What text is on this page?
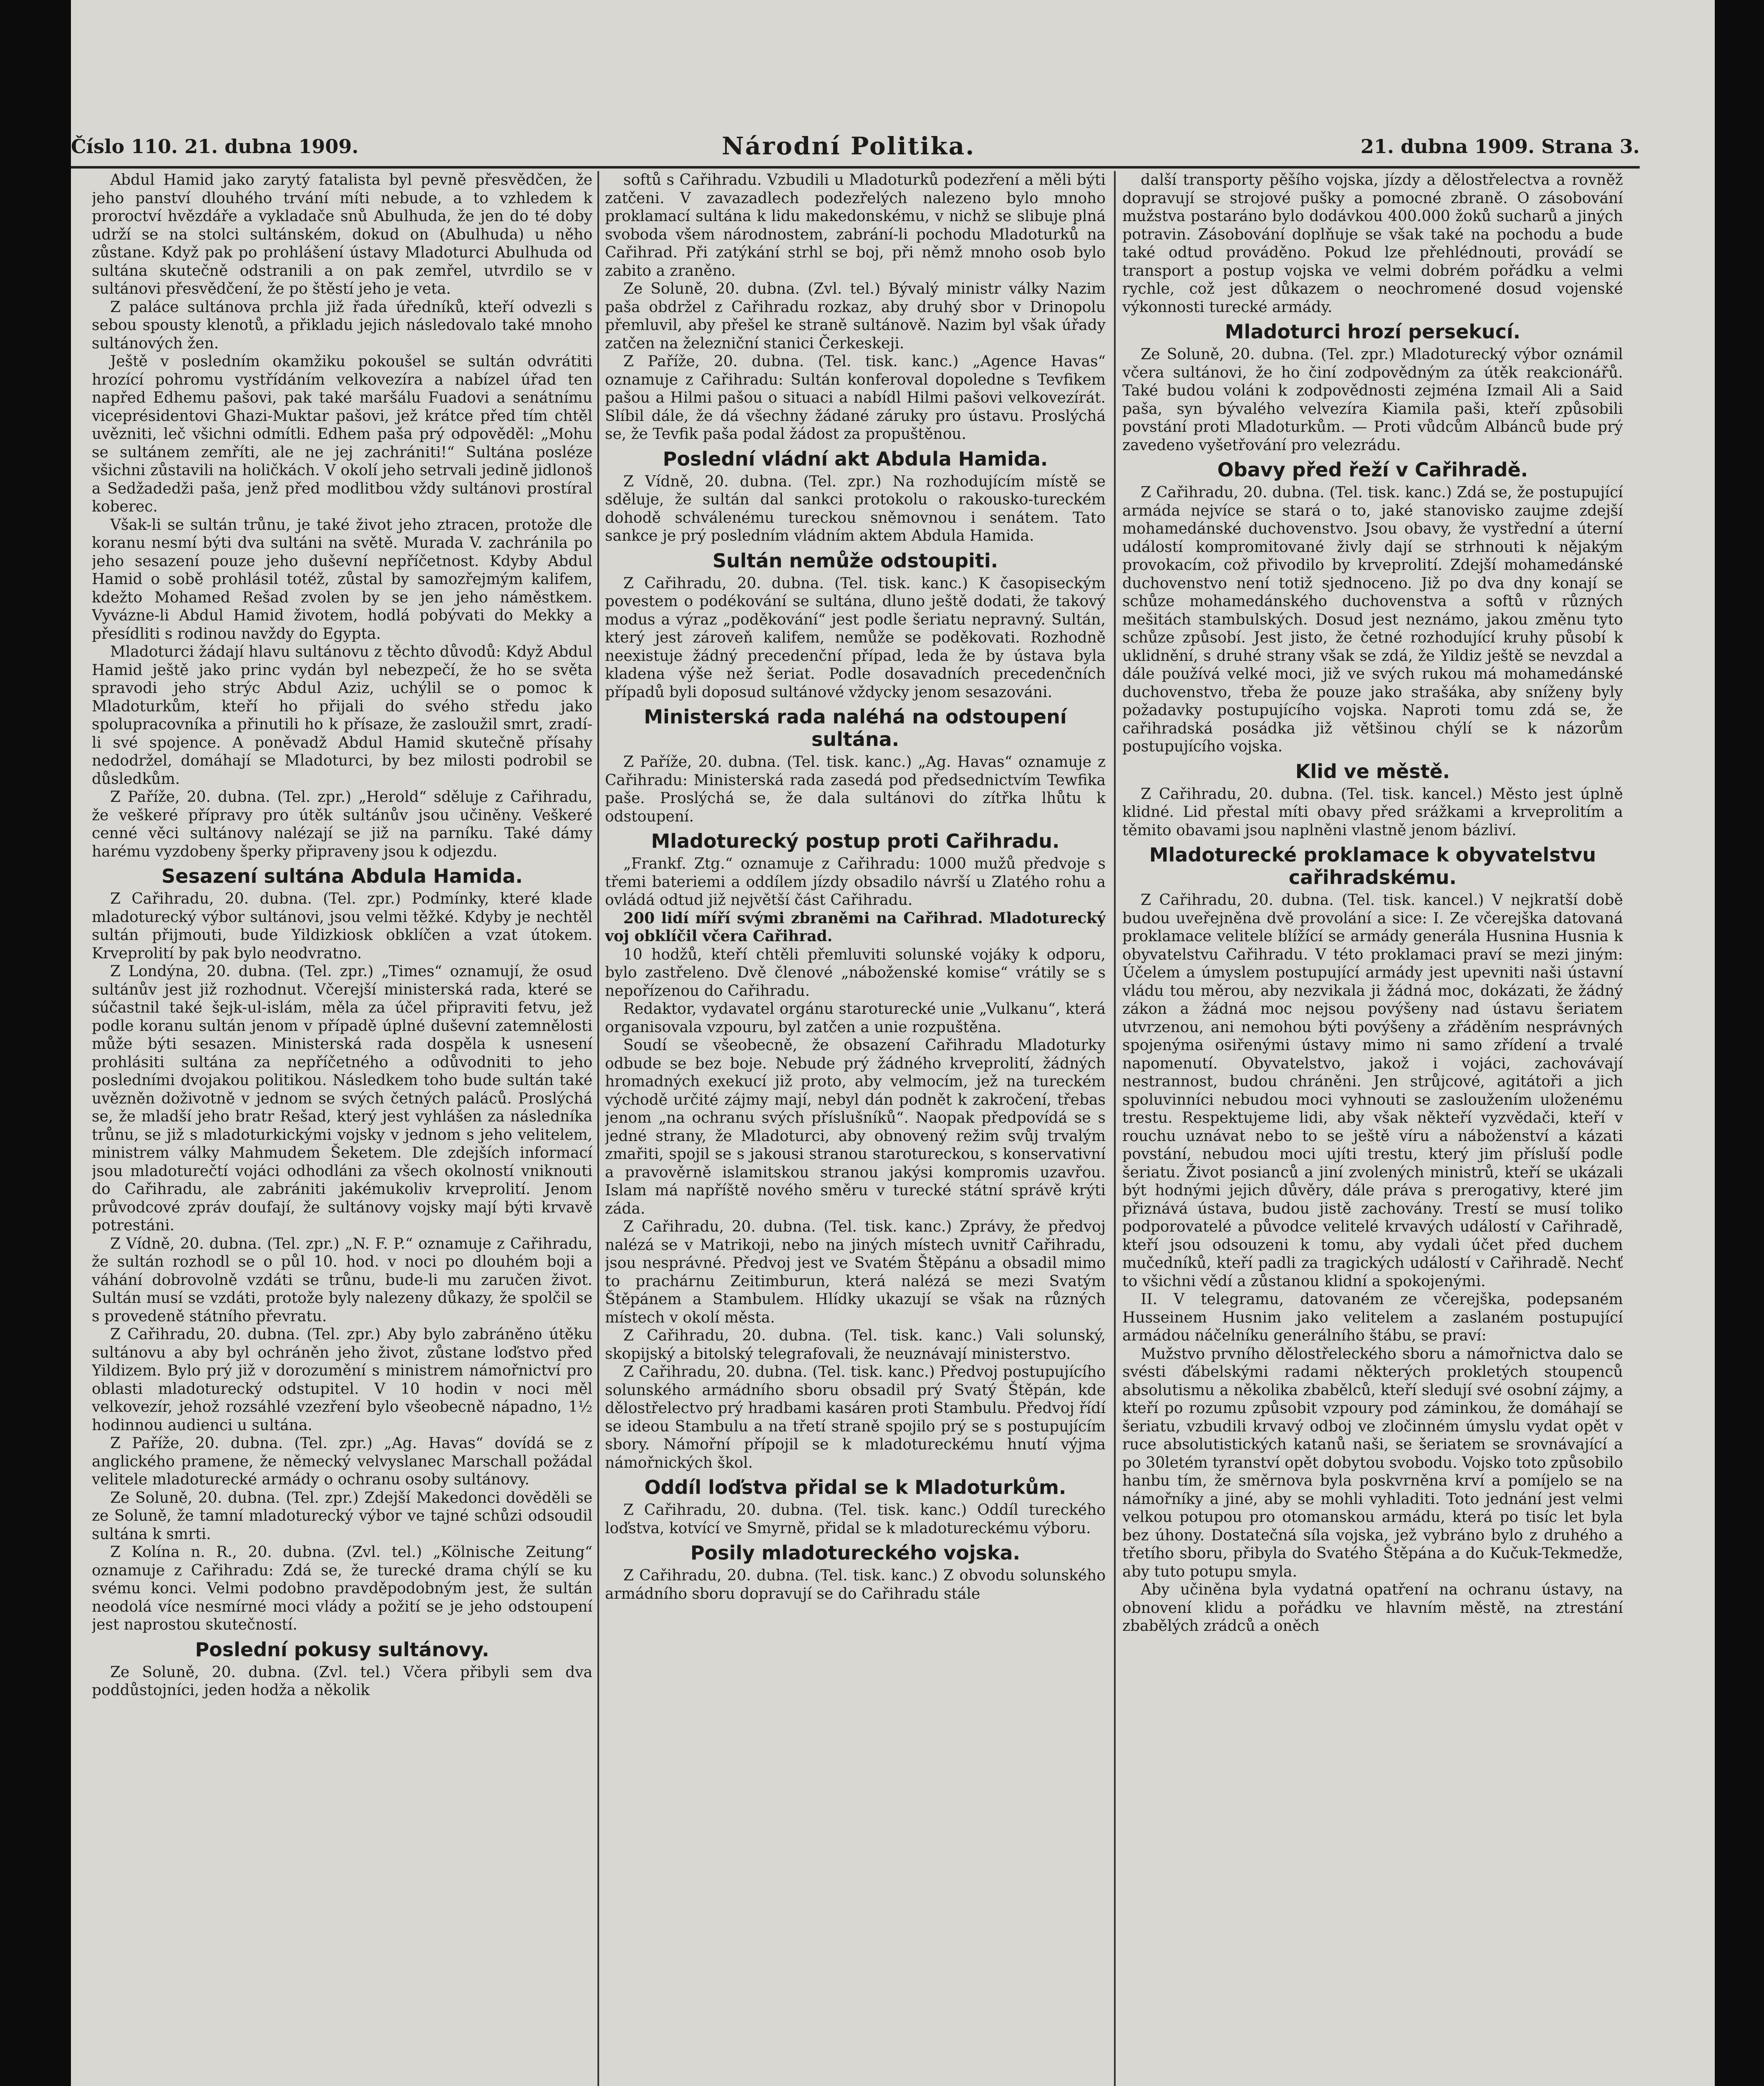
Číslo 110. 21. dubna 1909.	Národní Politika.	21. dubna 1909. Strana 3.

Abdul Hamid jako zarytý fatalista byl pevně přesvědčen, že jeho panství dlouhého trvání míti nebude, a to vzhledem k proroctví hvězdáře a vykladače snů Abulhuda, že jen do té doby udrží se na stolci sultánském, dokud on (Abulhuda) u něho zůstane. Když pak po prohlášení ústavy Mladoturci Abulhuda od sultána skutečně odstranili a on pak zemřel, utvrdilo se v sultánovi přesvědčení, že po štěstí jeho je veta.

Z paláce sultánova prchla již řada úředníků, kteří odvezli s sebou spousty klenotů, a přikladu jejich následovalo také mnoho sultánových žen.

Ještě v posledním okamžiku pokoušel se sultán odvrátiti hrozící pohromu vystřídáním velkovezíra a nabízel úřad ten napřed Edhemu pašovi, pak také maršálu Fuadovi a senátnímu viceprésidentovi Ghazi-Muktar pašovi, jež krátce před tím chtěl uvězniti, leč všichni odmítli. Edhem paša prý odpověděl: „Mohu se sultánem zemříti, ale ne jej zachrániti!“ Sultána posléze všichni zůstavili na holičkách. V okolí jeho setrvali jedině jidlonoš a Sedžadedži paša, jenž před modlitbou vždy sultánovi prostíral koberec.

Však-li se sultán trůnu, je také život jeho ztracen, protože dle koranu nesmí býti dva sultáni na světě. Murada V. zachránila po jeho sesazení pouze jeho duševní nepříčetnost. Kdyby Abdul Hamid o sobě prohlásil totéž, zůstal by samozřejmým kalifem, kdežto Mohamed Rešad zvolen by se jen jeho náměstkem. Vyvázne-li Abdul Hamid životem, hodlá pobývati do Mekky a přesídliti s rodinou navždy do Egypta.

Mladoturci žádají hlavu sultánovu z těchto důvodů: Když Abdul Hamid ještě jako princ vydán byl nebezpečí, že ho se světa spravodi jeho strýc Abdul Aziz, uchýlil se o pomoc k Mladoturkům, kteří ho přijali do svého středu jako spolupracovníka a přinutili ho k přísaze, že zasloužil smrt, zradí-li své spojence. A poněvadž Abdul Hamid skutečně přísahy nedodržel, domáhají se Mladoturci, by bez milosti podrobil se důsledkům.

Z Paříže, 20. dubna. (Tel. zpr.) „Herold“ sděluje z Cařihradu, že veškeré přípravy pro útěk sultánův jsou učiněny. Veškeré cenné věci sultánovy nalézají se již na parníku. Také dámy harému vyzdobeny šperky připraveny jsou k odjezdu.

Sesazení sultána Abdula Hamida.

Z Cařihradu, 20. dubna. (Tel. zpr.) Podmínky, které klade mladoturecký výbor sultánovi, jsou velmi těžké. Kdyby je nechtěl sultán přijmouti, bude Yildizkiosk obklíčen a vzat útokem. Krveprolití by pak bylo neodvratno.

Z Londýna, 20. dubna. (Tel. zpr.) „Times“ oznamují, že osud sultánův jest již rozhodnut. Včerejší ministerská rada, které se súčastnil také šejk-ul-islám, měla za účel připraviti fetvu, jež podle koranu sultán jenom v případě úplné duševní zatemnělosti může býti sesazen. Ministerská rada dospěla k usnesení prohlásiti sultána za nepříčetného a odůvodniti to jeho posledními dvojakou politikou. Následkem toho bude sultán také uvězněn doživotně v jednom se svých četných paláců. Proslýchá se, že mladší jeho bratr Rešad, který jest vyhlášen za následníka trůnu, se již s mladoturkickými vojsky v jednom s jeho velitelem, ministrem války Mahmudem Šeketem. Dle zdejších informací jsou mladoturečtí vojáci odhodláni za všech okolností vniknouti do Cařihradu, ale zabrániti jakémukoliv krveprolití. Jenom průvodcové zpráv doufají, že sultánovy vojsky mají býti krvavě potrestáni.

Z Vídně, 20. dubna. (Tel. zpr.) „N. F. P.“ oznamuje z Cařihradu, že sultán rozhodl se o půl 10. hod. v noci po dlouhém boji a váhání dobrovolně vzdáti se trůnu, bude-li mu zaručen život. Sultán musí se vzdáti, protože byly nalezeny důkazy, že spolčil se s provedeně státního převratu.

Z Cařihradu, 20. dubna. (Tel. zpr.) Aby bylo zabráněno útěku sultánovu a aby byl ochráněn jeho život, zůstane loďstvo před Yildizem. Bylo prý již v dorozumění s ministrem námořnictví pro oblasti mladoturecký odstupitel. V 10 hodin v noci měl velkovezír, jehož rozsáhlé vzezření bylo všeobecně nápadno, 1½ hodinnou audienci u sultána.

Z Paříže, 20. dubna. (Tel. zpr.) „Ag. Havas“ dovídá se z anglického pramene, že německý velvyslanec Marschall požádal velitele mladoturecké armády o ochranu osoby sultánovy.

Ze Soluně, 20. dubna. (Tel. zpr.) Zdejší Makedonci dověděli se ze Soluně, že tamní mladoturecký výbor ve tajné schůzi odsoudil sultána k smrti.

Z Kolína n. R., 20. dubna. (Zvl. tel.) „Kölnische Zeitung“ oznamuje z Cařihradu: Zdá se, že turecké drama chýlí se ku svému konci. Velmi podobno pravděpodobným jest, že sultán neodolá více nesmírné moci vlády a požití se je jeho odstoupení jest naprostou skutečností.

Poslední pokusy sultánovy.

Ze Soluně, 20. dubna. (Zvl. tel.) Včera přibyli sem dva poddůstojníci, jeden hodža a několik

softů s Cařihradu. Vzbudili u Mladoturků podezření a měli býti zatčeni. V zavazadlech podezřelých nalezeno bylo mnoho proklamací sultána k lidu makedonskému, v nichž se slibuje plná svoboda všem národnostem, zabrání-li pochodu Mladoturků na Cařihrad. Při zatýkání strhl se boj, při němž mnoho osob bylo zabito a zraněno.

Ze Soluně, 20. dubna. (Zvl. tel.) Bývalý ministr války Nazim paša obdržel z Cařihradu rozkaz, aby druhý sbor v Drinopolu přemluvil, aby přešel ke straně sultánově. Nazim byl však úřady zatčen na železniční stanici Čerkeskeji.

Z Paříže, 20. dubna. (Tel. tisk. kanc.) „Agence Havas“ oznamuje z Cařihradu: Sultán konferoval dopoledne s Tevfikem pašou a Hilmi pašou o situaci a nabídl Hilmi pašovi velkovezírát. Slíbil dále, že dá všechny žádané záruky pro ústavu. Proslýchá se, že Tevfik paša podal žádost za propuštěnou.

Poslední vládní akt Abdula Hamida.

Z Vídně, 20. dubna. (Tel. zpr.) Na rozhodujícím místě se sděluje, že sultán dal sankci protokolu o rakousko-tureckém dohodě schválenému tureckou sněmovnou i senátem. Tato sankce je prý posledním vládním aktem Abdula Hamida.

Sultán nemůže odstoupiti.

Z Cařihradu, 20. dubna. (Tel. tisk. kanc.) K časopiseckým povestem o podékování se sultána, dluno ještě dodati, že takový modus a výraz „poděkování“ jest podle šeriatu nepravný. Sultán, který jest zároveň kalifem, nemůže se poděkovati. Rozhodně neexistuje žádný precedenční případ, leda že by ústava byla kladena výše než šeriat. Podle dosavadních precedenčních případů byli doposud sultánové vždycky jenom sesazováni.

Ministerská rada naléhá na odstoupení sultána.

Z Paříže, 20. dubna. (Tel. tisk. kanc.) „Ag. Havas“ oznamuje z Cařihradu: Ministerská rada zasedá pod předsednictvím Tewfika paše. Proslýchá se, že dala sultánovi do zítřka lhůtu k odstoupení.

Mladoturecký postup proti Cařihradu.

„Frankf. Ztg.“ oznamuje z Cařihradu: 1000 mužů předvoje s třemi bateriemi a oddílem jízdy obsadilo návrší u Zlatého rohu a ovládá odtud již největší část Cařihradu.

200 lidí míří svými zbraněmi na Cařihrad. Mladoturecký voj obklíčil včera Cařihrad.

10 hodžů, kteří chtěli přemluviti solunské vojáky k odporu, bylo zastřeleno. Dvě členové „náboženské komise“ vrátily se s nepořízenou do Cařihradu.

Redaktor, vydavatel orgánu staroturecké unie „Vulkanu“, která organisovala vzpouru, byl zatčen a unie rozpuštěna.

Soudí se všeobecně, že obsazení Cařihradu Mladoturky odbude se bez boje. Nebude prý žádného krveprolití, žádných hromadných exekucí již proto, aby velmocím, jež na tureckém východě určité zájmy mají, nebyl dán podnět k zakročení, třebas jenom „na ochranu svých příslušníků“. Naopak předpovídá se s jedné strany, že Mladoturci, aby obnovený režim svůj trvalým zmařiti, spojil se s jakousi stranou starotureckou, s konservativní a pravověrně islamitskou stranou jakýsi kompromis uzavřou. Islam má napříště nového směru v turecké státní správě krýti záda.

Z Cařihradu, 20. dubna. (Tel. tisk. kanc.) Zprávy, že předvoj nalézá se v Matrikoji, nebo na jiných místech uvnitř Cařihradu, jsou nesprávné. Předvoj jest ve Svatém Štěpánu a obsadil mimo to prachárnu Zeitimburun, která nalézá se mezi Svatým Štěpánem a Stambulem. Hlídky ukazují se však na různých místech v okolí města.

Z Cařihradu, 20. dubna. (Tel. tisk. kanc.) Vali solunský, skopijský a bitolský telegrafovali, že neuznávají ministerstvo.

Z Cařihradu, 20. dubna. (Tel. tisk. kanc.) Předvoj postupujícího solunského armádního sboru obsadil prý Svatý Štěpán, kde dělostřelectvo prý hradbami kasáren proti Stambulu. Předvoj řídí se ideou Stambulu a na třetí straně spojilo prý se s postupujícím sbory. Námořní přípojil se k mladotureckému hnutí výjma námořnických škol.

Oddíl loďstva přidal se k Mladoturkům.

Z Cařihradu, 20. dubna. (Tel. tisk. kanc.) Oddíl tureckého loďstva, kotvící ve Smyrně, přidal se k mladotureckému výboru.

Posily mladotureckého vojska.

Z Cařihradu, 20. dubna. (Tel. tisk. kanc.) Z obvodu solunského armádního sboru dopravují se do Cařihradu stále

další transporty pěšího vojska, jízdy a dělostřelectva a rovněž dopravují se strojové pušky a pomocné zbraně. O zásobování mužstva postaráno bylo dodávkou 400.000 žoků sucharů a jiných potravin. Zásobování doplňuje se však také na pochodu a bude také odtud prováděno. Pokud lze přehlédnouti, provádí se transport a postup vojska ve velmi dobrém pořádku a velmi rychle, což jest důkazem o neochromené dosud vojenské výkonnosti turecké armády.

Mladoturci hrozí persekucí.

Ze Soluně, 20. dubna. (Tel. zpr.) Mladoturecký výbor oznámil včera sultánovi, že ho činí zodpovědným za útěk reakcionářů. Také budou voláni k zodpovědnosti zejména Izmail Ali a Said paša, syn bývalého velvezíra Kiamila paši, kteří způsobili povstání proti Mladoturkům. — Proti vůdcům Albánců bude prý zavedeno vyšetřování pro velezrádu.

Obavy před řeží v Cařihradě.

Z Cařihradu, 20. dubna. (Tel. tisk. kanc.) Zdá se, že postupující armáda nejvíce se stará o to, jaké stanovisko zaujme zdejší mohamedánské duchovenstvo. Jsou obavy, že vystřední a úterní událostí kompromitované živly dají se strhnouti k nějakým provokacím, což přivodilo by krveprolití. Zdejší mohamedánské duchovenstvo není totiž sjednoceno. Již po dva dny konají se schůze mohamedánského duchovenstva a softů v různých mešitách stambulských. Dosud jest neznámo, jakou změnu tyto schůze způsobí. Jest jisto, že četné rozhodující kruhy působí k uklidnění, s druhé strany však se zdá, že Yildiz ještě se nevzdal a dále používá velké moci, již ve svých rukou má mohamedánské duchovenstvo, třeba že pouze jako strašáka, aby sníženy byly požadavky postupujícího vojska. Naproti tomu zdá se, že cařihradská posádka již většinou chýlí se k názorům postupujícího vojska.

Klid ve městě.

Z Cařihradu, 20. dubna. (Tel. tisk. kancel.) Město jest úplně klidné. Lid přestal míti obavy před srážkami a krveprolitím a těmito obavami jsou naplněni vlastně jenom bázliví.

Mladoturecké proklamace k obyvatelstvu cařihradskému.

Z Cařihradu, 20. dubna. (Tel. tisk. kancel.) V nejkratší době budou uveřejněna dvě provolání a sice: I. Ze včerejška datovaná proklamace velitele blížící se armády generála Husnina Husnia k obyvatelstvu Cařihradu. V této proklamaci praví se mezi jiným: Účelem a úmyslem postupující armády jest upevniti naši ústavní vládu tou měrou, aby nezvikala ji žádná moc, dokázati, že žádný zákon a žádná moc nejsou povýšeny nad ústavu šeriatem utvrzenou, ani nemohou býti povýšeny a zřáděním nesprávných spojenýma osiřenými ústavy mimo ni samo zřídení a trvalé napomenutí. Obyvatelstvo, jakož i vojáci, zachovávají nestrannost, budou chráněni. Jen strůjcové, agitátoři a jich spoluvinníci nebudou moci vyhnouti se zasloužením uloženému trestu. Respektujeme lidi, aby však někteří vyzvědači, kteří v rouchu uznávat nebo to se ještě víru a náboženství a kázati povstání, nebudou moci ujíti trestu, který jim přísluší podle šeriatu. Život posianců a jiní zvolených ministrů, kteří se ukázali být hodnými jejich důvěry, dále práva s prerogativy, které jim přiznává ústava, budou jistě zachovány. Trestí se musí toliko podporovatelé a původce velitelé krvavých událostí v Cařihradě, kteří jsou odsouzeni k tomu, aby vydali účet před duchem mučedníků, kteří padli za tragických událostí v Cařihradě. Nechť to všichni vědí a zůstanou klidní a spokojenými.

II. V telegramu, datovaném ze včerejška, podepsaném Husseinem Husnim jako velitelem a zaslaném postupující armádou náčelníku generálního štábu, se praví:

Mužstvo prvního dělostřeleckého sboru a námořnictva dalo se svésti ďábelskými radami některých prokletých stoupenců absolutismu a několika zbabělců, kteří sledují své osobní zájmy, a kteří po rozumu způsobit vzpoury pod záminkou, že domáhají se šeriatu, vzbudili krvavý odboj ve zločinném úmyslu vydat opět v ruce absolutistických katanů naši, se šeriatem se srovnávající a po 30letém tyranství opět dobytou svobodu. Vojsko toto způsobilo hanbu tím, že směrnova byla poskvrněna krví a pomíjelo se na námořníky a jiné, aby se mohli vyhladiti. Toto jednání jest velmi velkou potupou pro otomanskou armádu, která po tisíc let byla bez úhony. Dostatečná síla vojska, jež vybráno bylo z druhého a třetího sboru, přibyla do Svatého Štěpána a do Kučuk-Tekmedže, aby tuto potupu smyla.

Aby učiněna byla vydatná opatření na ochranu ústavy, na obnovení klidu a pořádku ve hlavním městě, na ztrestání zbabělých zrádců a oněch
